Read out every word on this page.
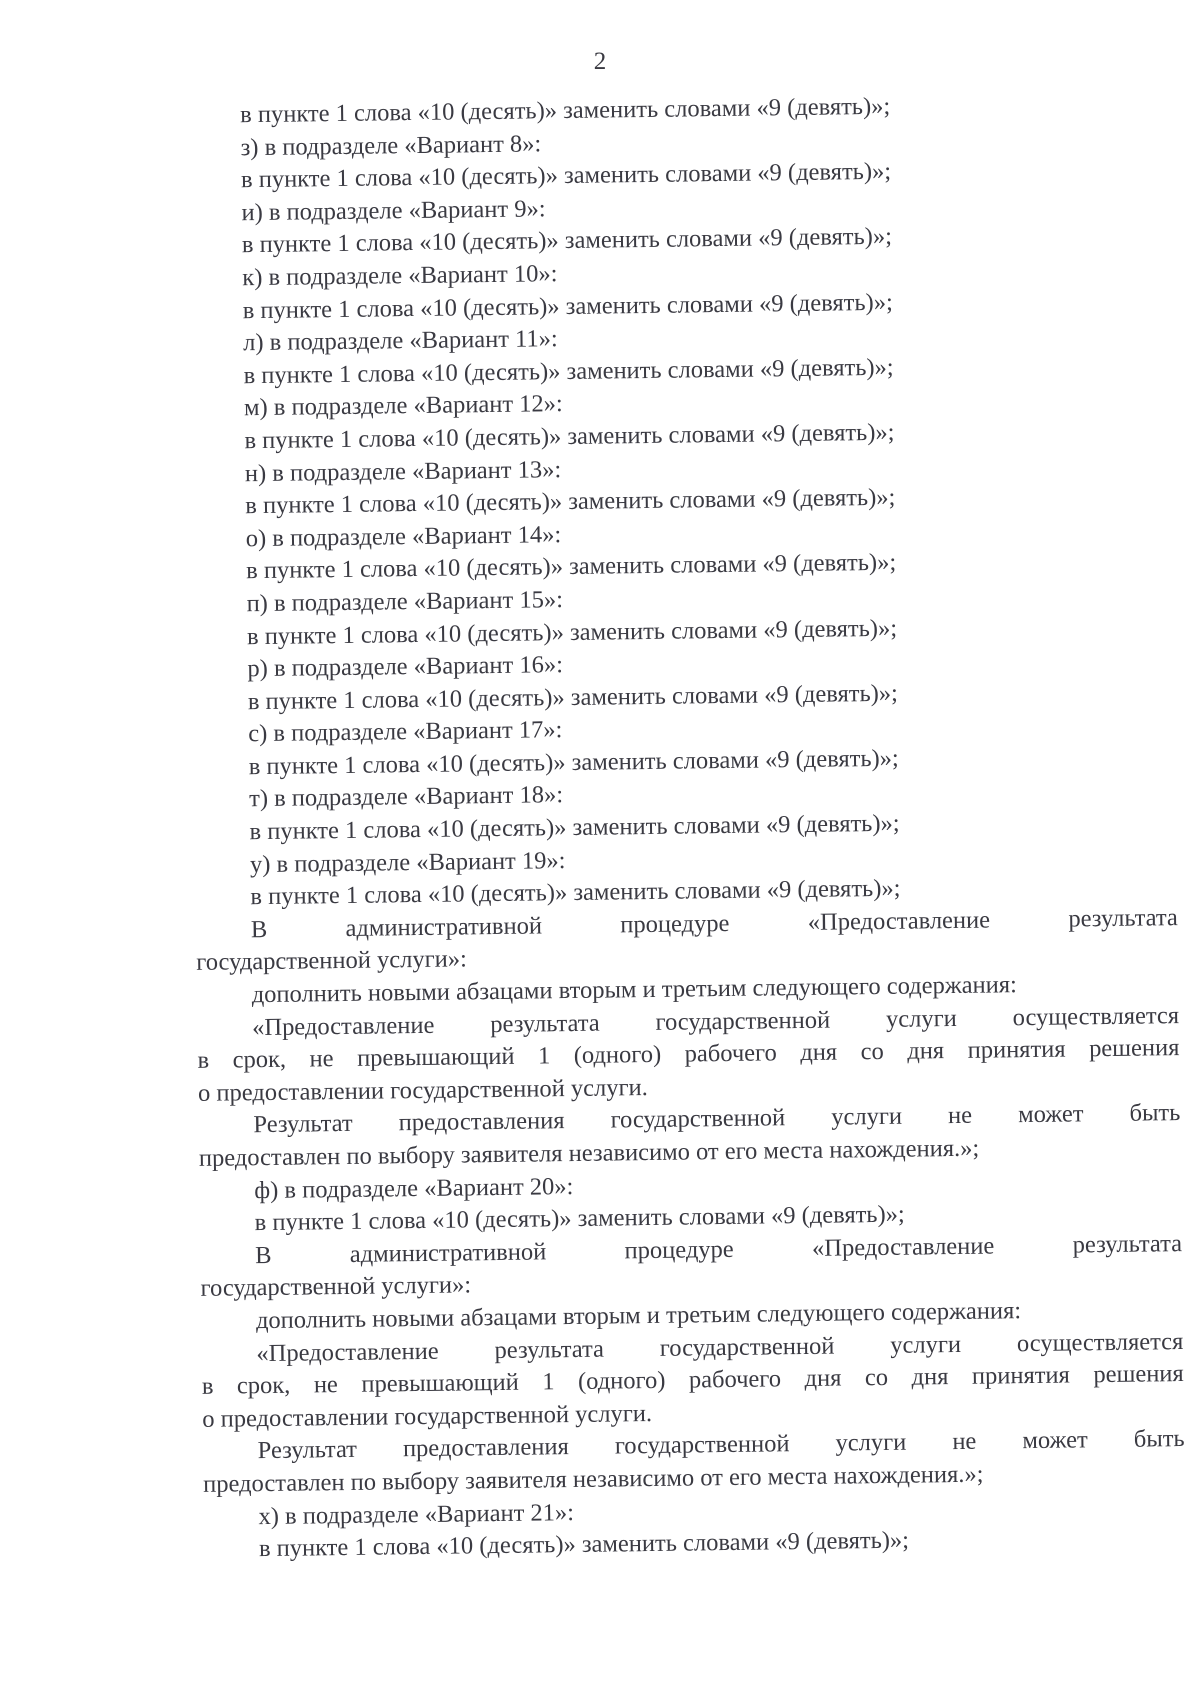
2
в пункте 1 слова «10 (десять)» заменить словами «9 (девять)»;
з) в подразделе «Вариант 8»:
в пункте 1 слова «10 (десять)» заменить словами «9 (девять)»;
и) в подразделе «Вариант 9»:
в пункте 1 слова «10 (десять)» заменить словами «9 (девять)»;
к) в подразделе «Вариант 10»:
в пункте 1 слова «10 (десять)» заменить словами «9 (девять)»;
л) в подразделе «Вариант 11»:
в пункте 1 слова «10 (десять)» заменить словами «9 (девять)»;
м) в подразделе «Вариант 12»:
в пункте 1 слова «10 (десять)» заменить словами «9 (девять)»;
н) в подразделе «Вариант 13»:
в пункте 1 слова «10 (десять)» заменить словами «9 (девять)»;
о) в подразделе «Вариант 14»:
в пункте 1 слова «10 (десять)» заменить словами «9 (девять)»;
п) в подразделе «Вариант 15»:
в пункте 1 слова «10 (десять)» заменить словами «9 (девять)»;
р) в подразделе «Вариант 16»:
в пункте 1 слова «10 (десять)» заменить словами «9 (девять)»;
с) в подразделе «Вариант 17»:
в пункте 1 слова «10 (десять)» заменить словами «9 (девять)»;
т) в подразделе «Вариант 18»:
в пункте 1 слова «10 (десять)» заменить словами «9 (девять)»;
у) в подразделе «Вариант 19»:
в пункте 1 слова «10 (десять)» заменить словами «9 (девять)»;
В	административной	процедуре	«Предоставление	результата
государственной услуги»:
дополнить новыми абзацами вторым и третьим следующего содержания:
«Предоставление результата государственной услуги осуществляется
в срок, не превышающий 1 (одного) рабочего дня со дня принятия решения
о предоставлении государственной услуги.
Результат предоставления государственной услуги не может быть
предоставлен по выбору заявителя независимо от его места нахождения.»;
ф) в подразделе «Вариант 20»:
в пункте 1 слова «10 (десять)» заменить словами «9 (девять)»;
В	административной	процедуре	«Предоставление	результата
государственной услуги»:
дополнить новыми абзацами вторым и третьим следующего содержания:
«Предоставление результата государственной услуги осуществляется
в срок, не превышающий 1 (одного) рабочего дня со дня принятия решения
о предоставлении государственной услуги.
Результат предоставления государственной услуги не может быть
предоставлен по выбору заявителя независимо от его места нахождения.»;
х) в подразделе «Вариант 21»:
в пункте 1 слова «10 (десять)» заменить словами «9 (девять)»;
